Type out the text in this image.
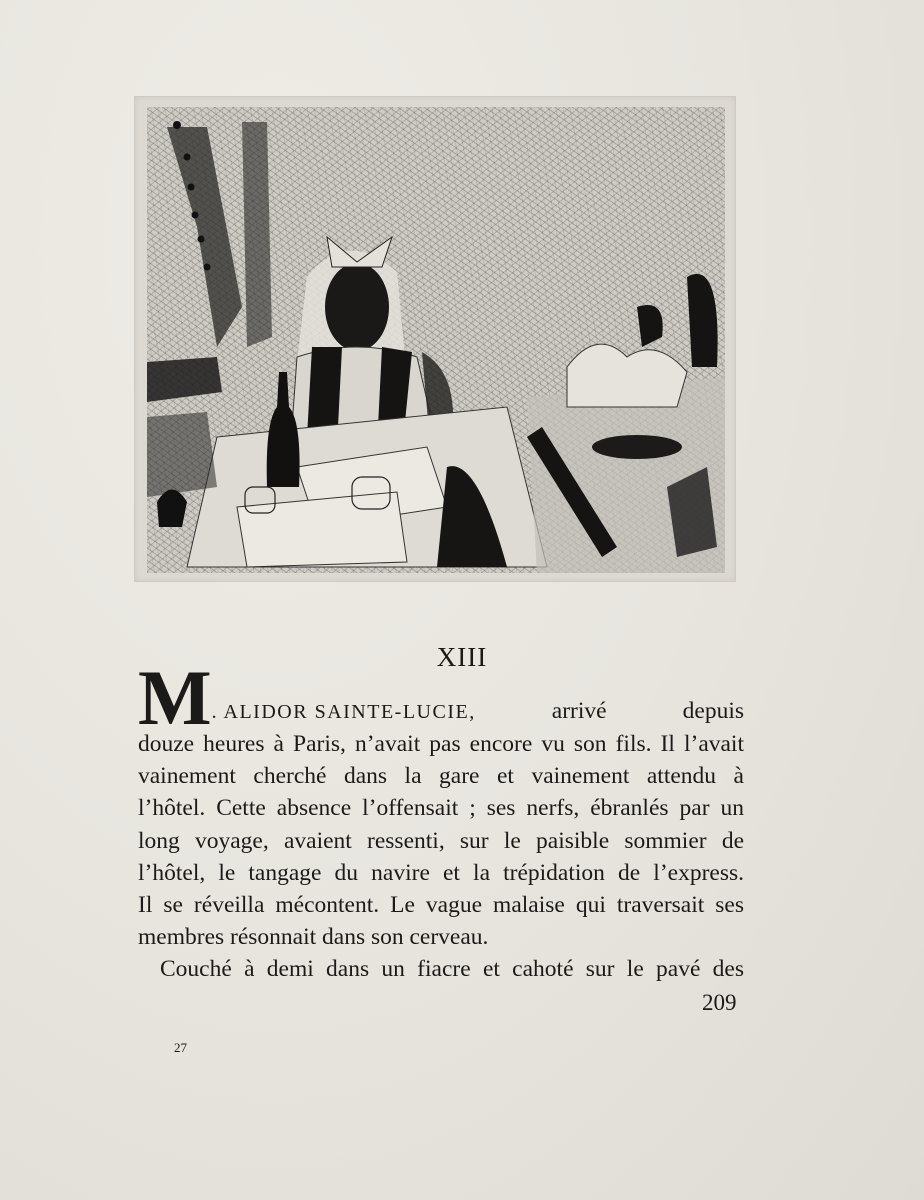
XIII
M . ALIDOR SAINTE-LUCIE,	arrivé	depuis
douze heures à Paris, n’avait pas encore vu son fils. Il l’avait
vainement cherché dans la gare et vainement attendu à
l’hôtel. Cette absence l’offensait ; ses nerfs, ébranlés par un
long voyage, avaient ressenti, sur le paisible sommier de
l’hôtel, le tangage du navire et la trépidation de l’express.
Il se réveilla mécontent. Le vague malaise qui traversait ses
membres résonnait dans son cerveau.
Couché à demi dans un fiacre et cahoté sur le pavé des
209
27
